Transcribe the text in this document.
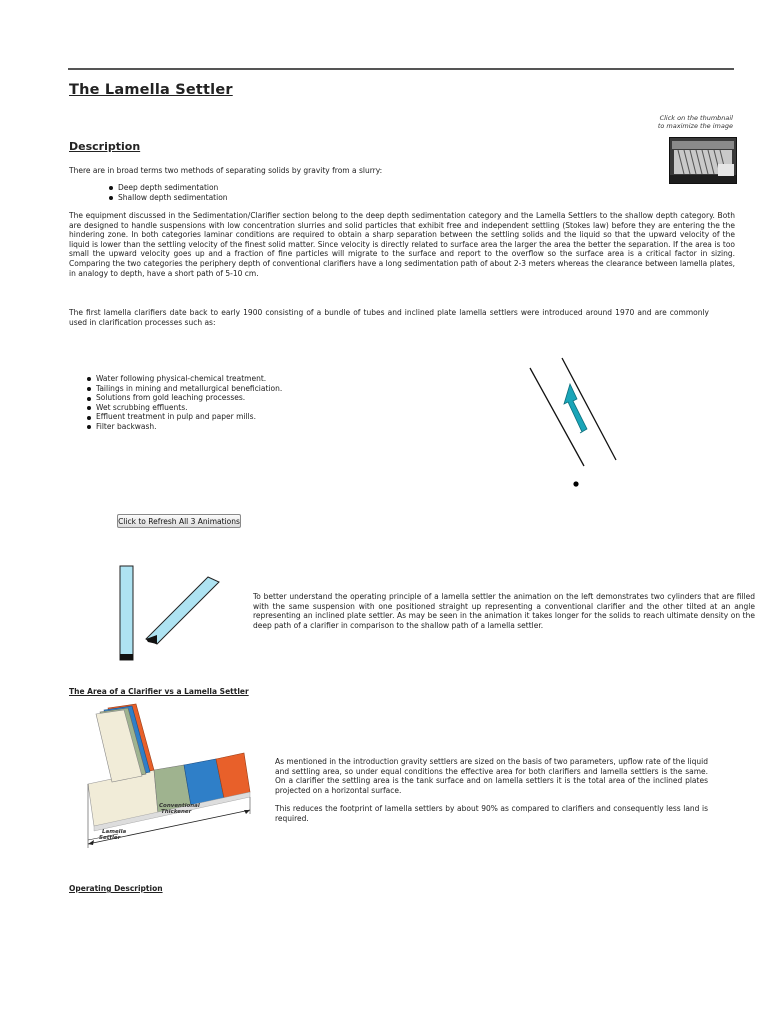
The Lamella Settler
Click on the thumbnail
to maximize the image
Description
There are in broad terms two methods of separating solids by gravity from a slurry:
Deep depth sedimentation
Shallow depth sedimentation
The equipment discussed in the Sedimentation/Clarifier section belong to the deep depth sedimentation category and the Lamella Settlers to the shallow depth category. Both are designed to handle suspensions with low concentration slurries and solid particles that exhibit free and independent settling (Stokes law) before they are entering the the hindering zone. In both categories laminar conditions are required to obtain a sharp separation between the settling solids and the liquid so that the upward velocity of the liquid is lower than the settling velocity of the finest solid matter. Since velocity is directly related to surface area the larger the area the better the separation. If the area is too small the upward velocity goes up and a fraction of fine particles will migrate to the surface and report to the overflow so the surface area is a critical factor in sizing. Comparing the two categories the periphery depth of conventional clarifiers have a long sedimentation path of about 2-3 meters whereas the clearance between lamella plates, in analogy to depth, have a short path of 5-10 cm.
The first lamella clarifiers date back to early 1900 consisting of a bundle of tubes and inclined plate lamella settlers were introduced around 1970 and are commonly used in clarification processes such as:
Water following physical-chemical treatment.
Tailings in mining and metallurgical beneficiation.
Solutions from gold leaching processes.
Wet scrubbing effluents.
Effluent treatment in pulp and paper mills.
Filter backwash.
Click to Refresh All 3 Animations
To better understand the operating principle of a lamella settler the animation on the left demonstrates two cylinders that are filled with the same suspension with one positioned straight up representing a conventional clarifier and the other tilted at an angle representing an inclined plate settler. As may be seen in the animation it takes longer for the solids to reach ultimate density on the deep path of a clarifier in comparison to the shallow path of a lamella settler.
The Area of a Clarifier vs a Lamella Settler
Conventional
Thickener
Lamella
Settler
As mentioned in the introduction gravity settlers are sized on the basis of two parameters, upflow rate of the liquid and settling area, so under equal conditions the effective area for both clarifiers and lamella settlers is the same. On a clarifier the settling area is the tank surface and on lamella settlers it is the total area of the inclined plates projected on a horizontal surface.
This reduces the footprint of lamella settlers by about 90% as compared to clarifiers and consequently less land is required.
Operating Description
